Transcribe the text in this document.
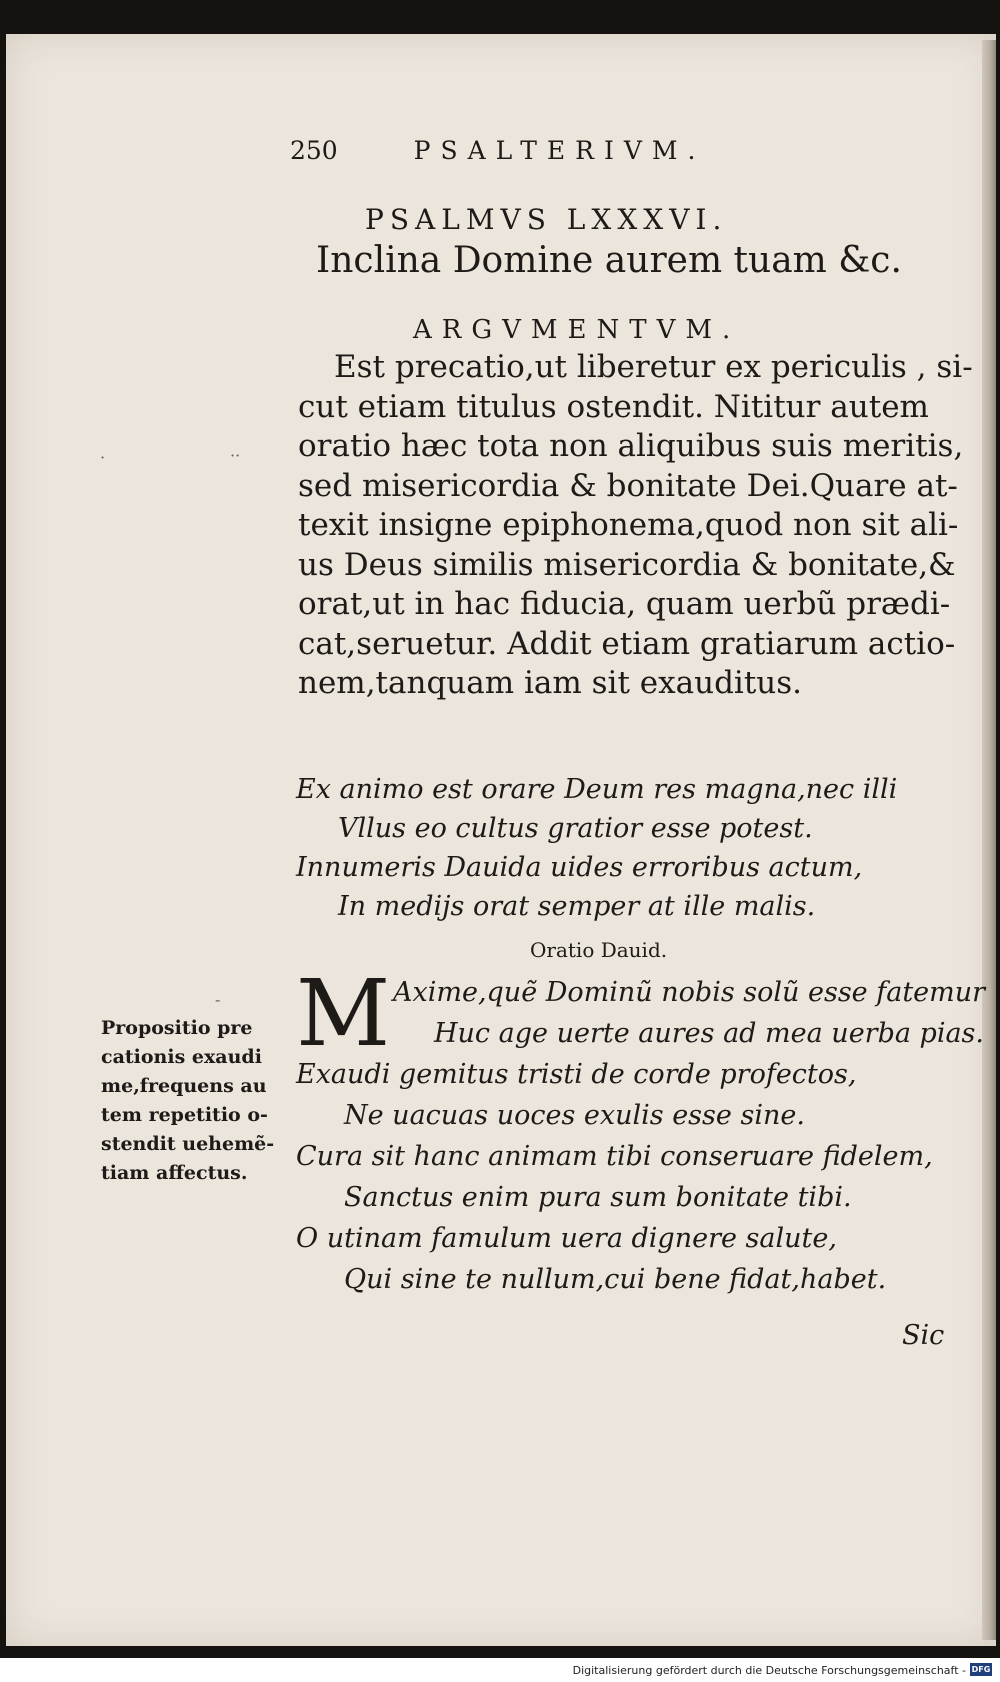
250	PSALTERIVM.
PSALMVS LXXXVI.
Inclina Domine aurem tuam &c.
ARGVMENTVM.
Est precatio,ut liberetur ex periculis , si-
cut etiam titulus ostendit. Nititur autem
oratio hæc tota non aliquibus suis meritis,
sed misericordia & bonitate Dei.Quare at-
texit insigne epiphonema,quod non sit ali-
us Deus similis misericordia & bonitate,&
orat,ut in hac fiducia, quam uerbũ prædi-
cat,seruetur. Addit etiam gratiarum actio-
nem,tanquam iam sit exauditus.
Ex animo est orare Deum res magna,nec illi
Vllus eo cultus gratior esse potest.
Innumeris Dauida uides erroribus actum,
In medijs orat semper at ille malis.
Oratio Dauid.
M Axime,quẽ Dominũ nobis solũ esse fatemur
Huc age uerte aures ad mea uerba pias.
Exaudi gemitus tristi de corde profectos,
Ne uacuas uoces exulis esse sine.
Cura sit hanc animam tibi conseruare fidelem,
Sanctus enim pura sum bonitate tibi.
O utinam famulum uera dignere salute,
Qui sine te nullum,cui bene fidat,habet.
Propositio pre
cationis exaudi
me,frequens au
tem repetitio o-
stendit uehemẽ-
tiam affectus.
Sic
·	··
-
Digitalisierung gefördert durch die Deutsche Forschungsgemeinschaft - DFG
